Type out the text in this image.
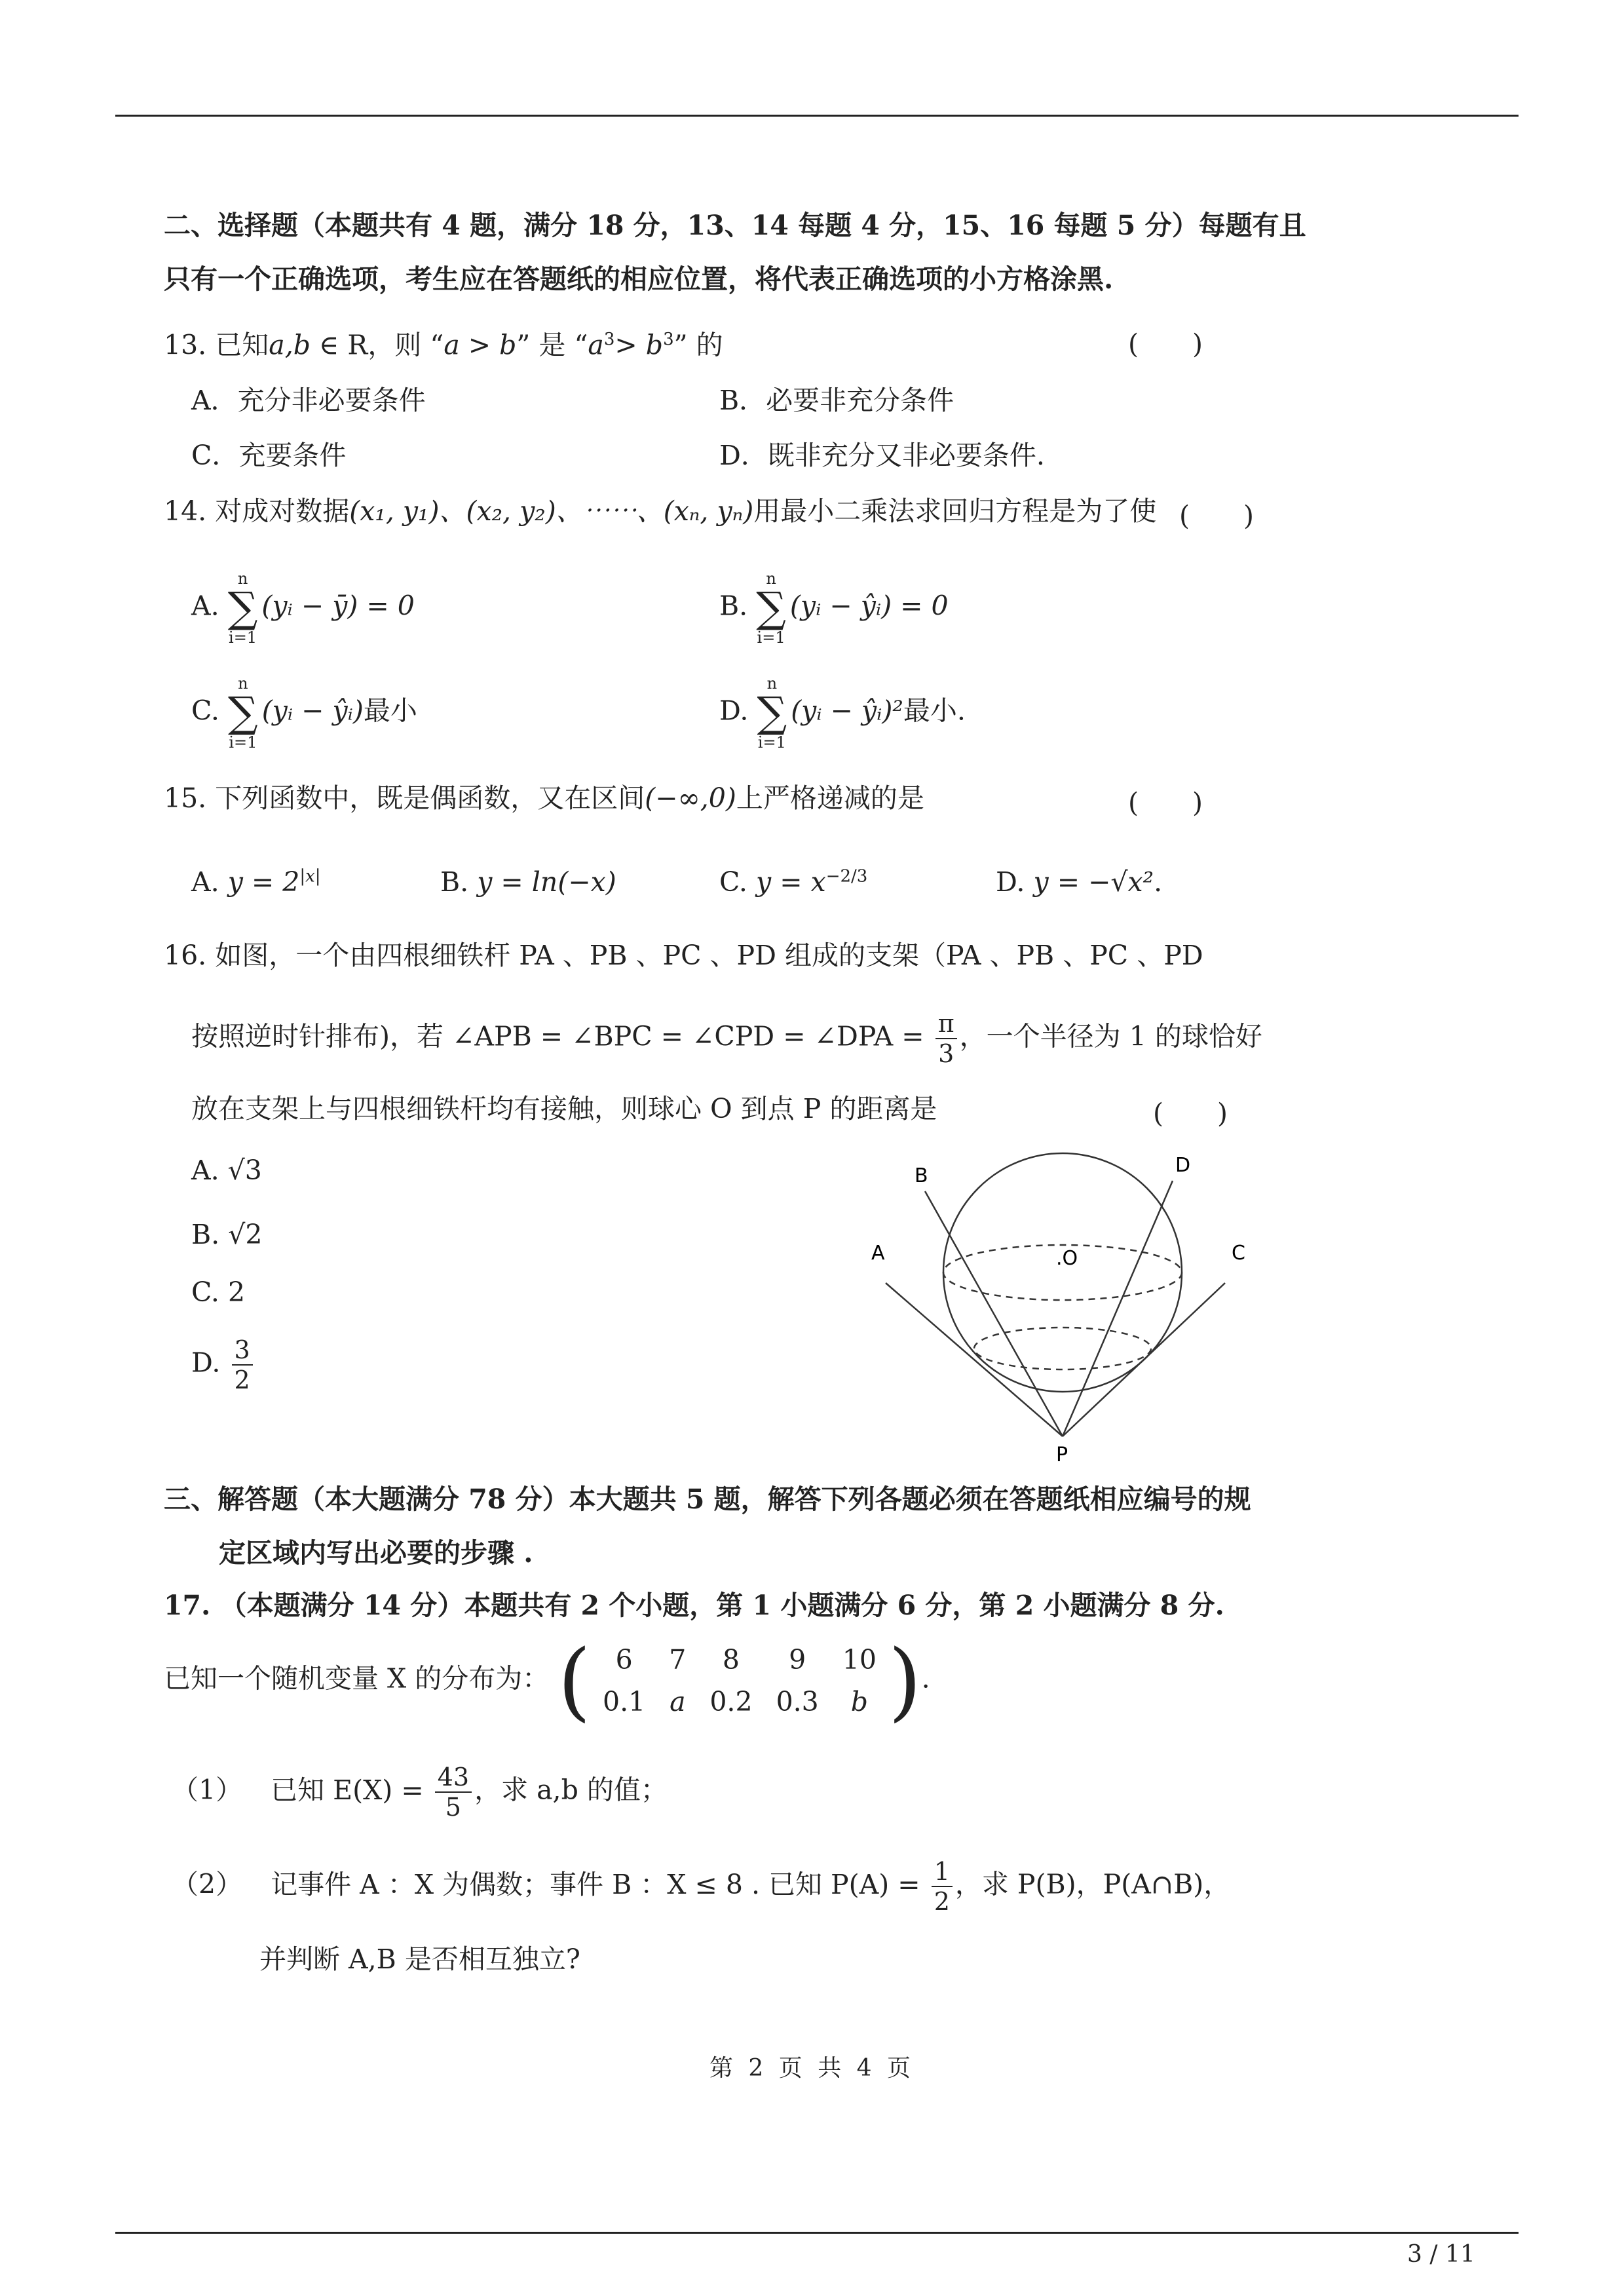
二、选择题（本题共有 4 题，满分 18 分，13、14 每题 4 分，15、16 每题 5 分）每题有且
只有一个正确选项，考生应在答题纸的相应位置，将代表正确选项的小方格涂黑.
13. 已知a,b ∈ R，则 “a > b” 是 “$a^3> b^3$” 的	(　　)
A．充分非必要条件	B．必要非充分条件
C．充要条件	D．既非充分又非必要条件.
14. 对成对数据(x₁, y₁)、(x₂, y₂)、⋯⋯、(xₙ, yₙ)用最小二乘法求回归方程是为了使 (　　)
A.
n
∑
i=1
(yᵢ − ȳ) = 0	B.
n
∑
i=1
(yᵢ − ŷᵢ) = 0
C.
n
∑
i=1
(yᵢ − ŷᵢ)最小	D.
n
∑
i=1
(yᵢ − ŷᵢ)²最小.
15. 下列函数中，既是偶函数，又在区间(−∞,0)上严格递减的是	(　　)
A. $y = 2^{|x|}$	B. y = ln(−x)	C. $y = x^{-2/3}$	D. y = −√x².
16. 如图，一个由四根细铁杆 PA 、PB 、PC 、PD 组成的支架（PA 、PB 、PC 、PD
按照逆时针排布)，若 ∠APB = ∠BPC = ∠CPD = ∠DPA = $\frac{\pi}{3}$ ，一个半径为 1 的球恰好
放在支架上与四根细铁杆均有接触，则球心 O 到点 P 的距离是	(　　)
A. √3
B. √2
C. 2
D. $\frac{3}{2}$
A
B
C
D
.O
P
三、解答题（本大题满分 78 分）本大题共 5 题，解答下列各题必须在答题纸相应编号的规
定区域内写出必要的步骤 .
17. （本题满分 14 分）本题共有 2 个小题，第 1 小题满分 6 分，第 2 小题满分 8 分.
已知一个随机变量 X 的分布为： ( 6	7	8	9	10
0.1	a	0.2	0.3	b ) .
（1） 已知 $E(X) = \frac{43}{5}$ ，求 a,b 的值；
（2） 记事件 A ：X 为偶数；事件 B ：X ≤ 8 . 已知 $P(A) = \frac{1}{2}$ ，求 P(B)，P(A∩B)，
并判断 A,B 是否相互独立?
第 2 页 共 4 页
3 / 11
